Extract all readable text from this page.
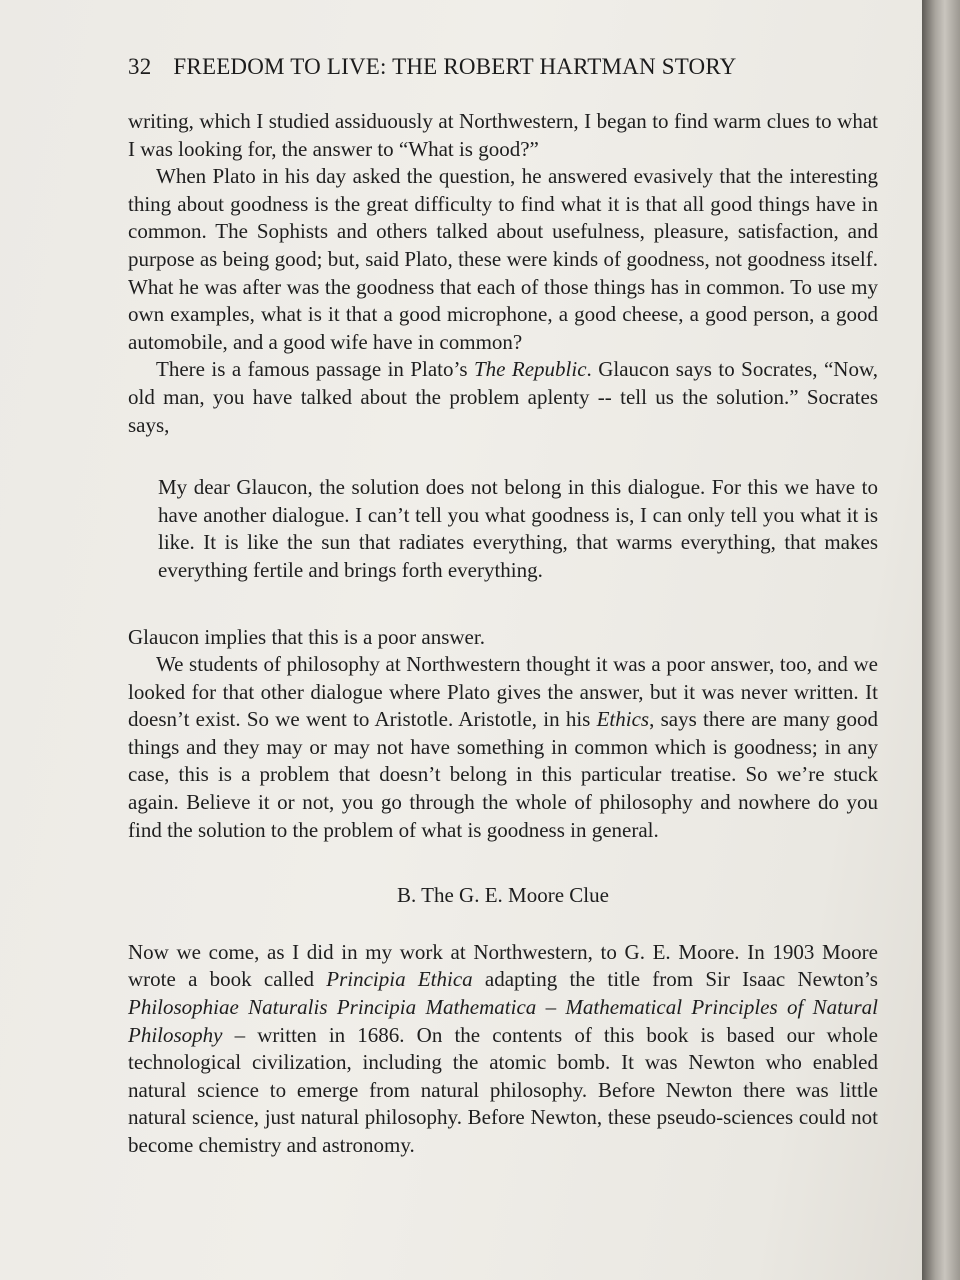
32 FREEDOM TO LIVE: THE ROBERT HARTMAN STORY

writing, which I studied assiduously at Northwestern, I began to find warm clues to what I was looking for, the answer to “What is good?”

When Plato in his day asked the question, he answered evasively that the interesting thing about goodness is the great difficulty to find what it is that all good things have in common. The Sophists and others talked about usefulness, pleasure, satisfaction, and purpose as being good; but, said Plato, these were kinds of goodness, not goodness itself. What he was after was the goodness that each of those things has in common. To use my own examples, what is it that a good microphone, a good cheese, a good person, a good automobile, and a good wife have in common?

There is a famous passage in Plato’s The Republic. Glaucon says to Socrates, “Now, old man, you have talked about the problem aplenty -- tell us the solution.” Socrates says,

My dear Glaucon, the solution does not belong in this dialogue. For this we have to have another dialogue. I can’t tell you what goodness is, I can only tell you what it is like. It is like the sun that radiates everything, that warms everything, that makes everything fertile and brings forth everything.

Glaucon implies that this is a poor answer.

We students of philosophy at Northwestern thought it was a poor answer, too, and we looked for that other dialogue where Plato gives the answer, but it was never written. It doesn’t exist. So we went to Aristotle. Aristotle, in his Ethics, says there are many good things and they may or may not have something in common which is goodness; in any case, this is a problem that doesn’t belong in this particular treatise. So we’re stuck again. Believe it or not, you go through the whole of philosophy and nowhere do you find the solution to the problem of what is goodness in general.

B. The G. E. Moore Clue

Now we come, as I did in my work at Northwestern, to G. E. Moore. In 1903 Moore wrote a book called Principia Ethica adapting the title from Sir Isaac Newton’s Philosophiae Naturalis Principia Mathematica – Mathematical Principles of Natural Philosophy – written in 1686. On the contents of this book is based our whole technological civilization, including the atomic bomb. It was Newton who enabled natural science to emerge from natural philosophy. Before Newton there was little natural science, just natural philosophy. Before Newton, these pseudo-sciences could not become chemistry and astronomy.
